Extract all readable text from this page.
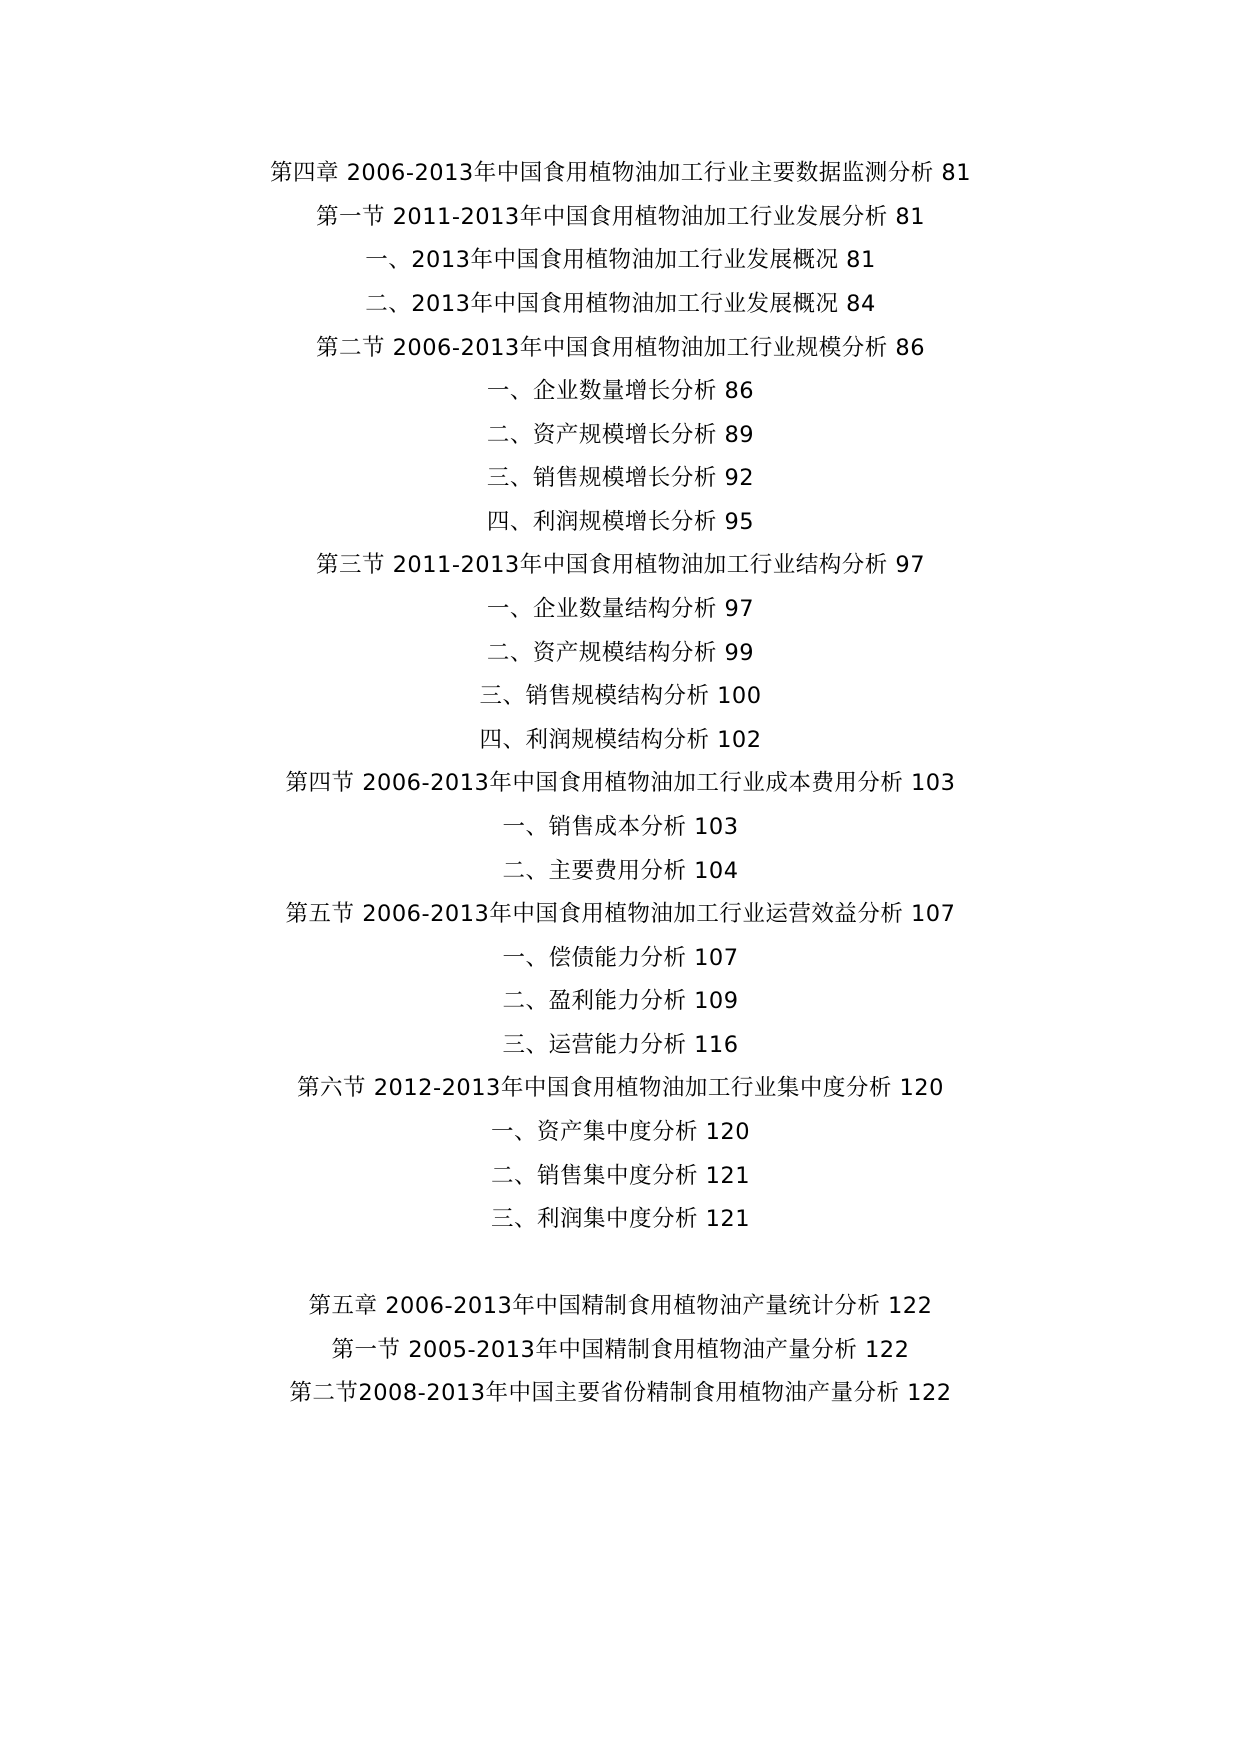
第四章 2006-2013年中国食用植物油加工行业主要数据监测分析 81
第一节 2011-2013年中国食用植物油加工行业发展分析 81
一、2013年中国食用植物油加工行业发展概况 81
二、2013年中国食用植物油加工行业发展概况 84
第二节 2006-2013年中国食用植物油加工行业规模分析 86
一、企业数量增长分析 86
二、资产规模增长分析 89
三、销售规模增长分析 92
四、利润规模增长分析 95
第三节 2011-2013年中国食用植物油加工行业结构分析 97
一、企业数量结构分析 97
二、资产规模结构分析 99
三、销售规模结构分析 100
四、利润规模结构分析 102
第四节 2006-2013年中国食用植物油加工行业成本费用分析 103
一、销售成本分析 103
二、主要费用分析 104
第五节 2006-2013年中国食用植物油加工行业运营效益分析 107
一、偿债能力分析 107
二、盈利能力分析 109
三、运营能力分析 116
第六节 2012-2013年中国食用植物油加工行业集中度分析 120
一、资产集中度分析 120
二、销售集中度分析 121
三、利润集中度分析 121
第五章 2006-2013年中国精制食用植物油产量统计分析 122
第一节 2005-2013年中国精制食用植物油产量分析 122
第二节2008-2013年中国主要省份精制食用植物油产量分析 122
